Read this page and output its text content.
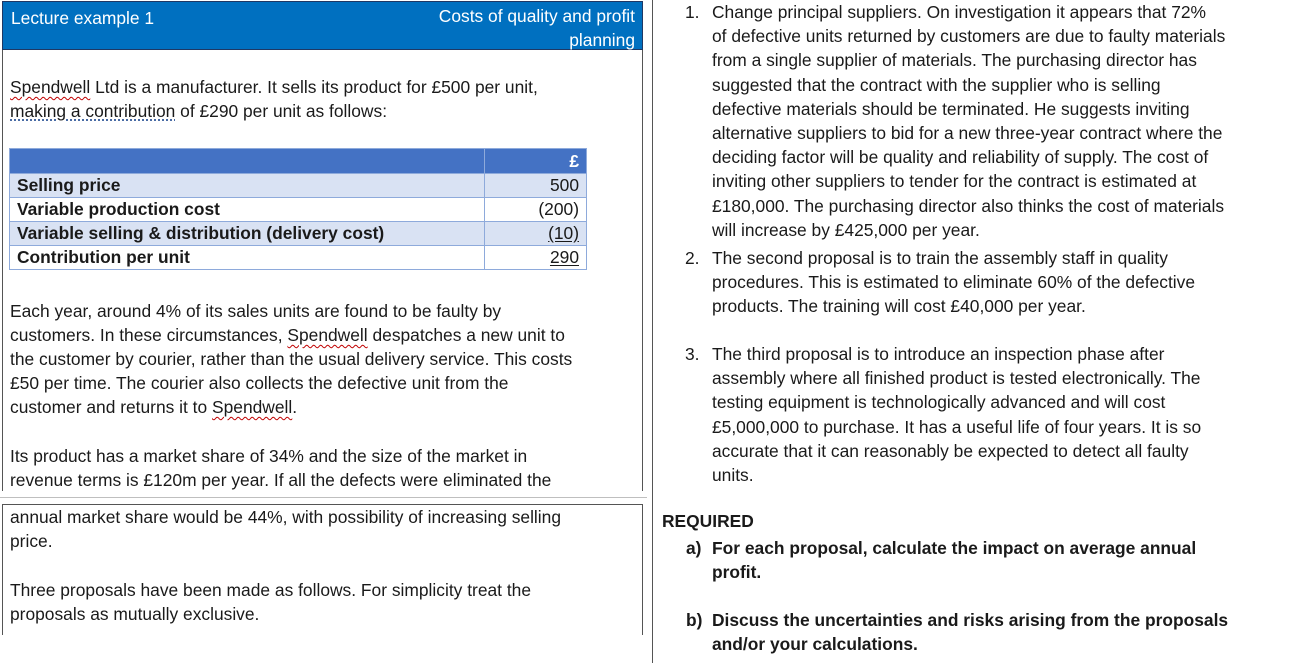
Lecture example 1	Costs of quality and profit planning
Spendwell Ltd is a manufacturer. It sells its product for £500 per unit,
making a contribution of £290 per unit as follows:
	£
Selling price	500
Variable production cost	(200)
Variable selling & distribution (delivery cost)	(10)
Contribution per unit	290
Each year, around 4% of its sales units are found to be faulty by
customers. In these circumstances, Spendwell despatches a new unit to
the customer by courier, rather than the usual delivery service. This costs
£50 per time. The courier also collects the defective unit from the
customer and returns it to Spendwell.
Its product has a market share of 34% and the size of the market in
revenue terms is £120m per year. If all the defects were eliminated the
annual market share would be 44%, with possibility of increasing selling
price.
Three proposals have been made as follows. For simplicity treat the
proposals as mutually exclusive.
1. Change principal suppliers. On investigation it appears that 72%
of defective units returned by customers are due to faulty materials
from a single supplier of materials. The purchasing director has
suggested that the contract with the supplier who is selling
defective materials should be terminated. He suggests inviting
alternative suppliers to bid for a new three-year contract where the
deciding factor will be quality and reliability of supply. The cost of
inviting other suppliers to tender for the contract is estimated at
£180,000. The purchasing director also thinks the cost of materials
will increase by £425,000 per year.
2. The second proposal is to train the assembly staff in quality
procedures. This is estimated to eliminate 60% of the defective
products. The training will cost £40,000 per year.
3. The third proposal is to introduce an inspection phase after
assembly where all finished product is tested electronically. The
testing equipment is technologically advanced and will cost
£5,000,000 to purchase. It has a useful life of four years. It is so
accurate that it can reasonably be expected to detect all faulty
units.
REQUIRED
a) For each proposal, calculate the impact on average annual
profit.
b) Discuss the uncertainties and risks arising from the proposals
and/or your calculations.
